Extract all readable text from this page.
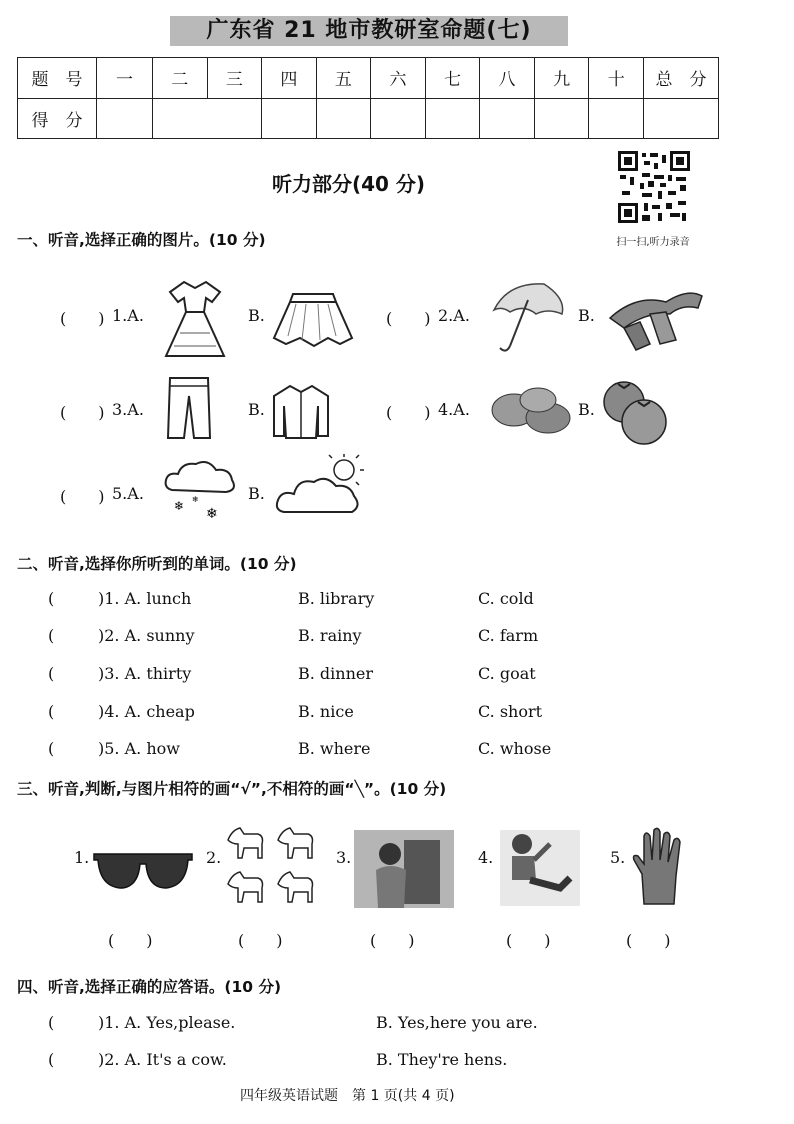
广东省 21 地市教研室命题(七)
题　号	一	二	三	四	五	六	七	八	九	十	总　分
得　分											
听力部分(40 分)
扫一扫,听力录音
一、听音,选择正确的图片。(10 分)
(　　) 1.A.	B.	(　　) 2.A.	B.
(　　) 3.A.	B.	(　　) 4.A.	B.
(　　) 5.A.
❄ ❄
❄
B.
二、听音,选择你所听到的单词。(10 分)
(	)1. A. lunch	B. library	C. cold
(	)2. A. sunny	B. rainy	C. farm
(	)3. A. thirty	B. dinner	C. goat
(	)4. A. cheap	B. nice	C. short
(	)5. A. how	B. where	C. whose
三、听音,判断,与图片相符的画“√”,不相符的画“╲”。(10 分)
1.	2.	3.	4.	5.
(　　)	(　　)	(　　)	(　　)	(　　)
四、听音,选择正确的应答语。(10 分)
(	)1. A. Yes,please.	B. Yes,here you are.
(	)2. A. It's a cow.	B. They're hens.
四年级英语试题　第 1 页(共 4 页)
